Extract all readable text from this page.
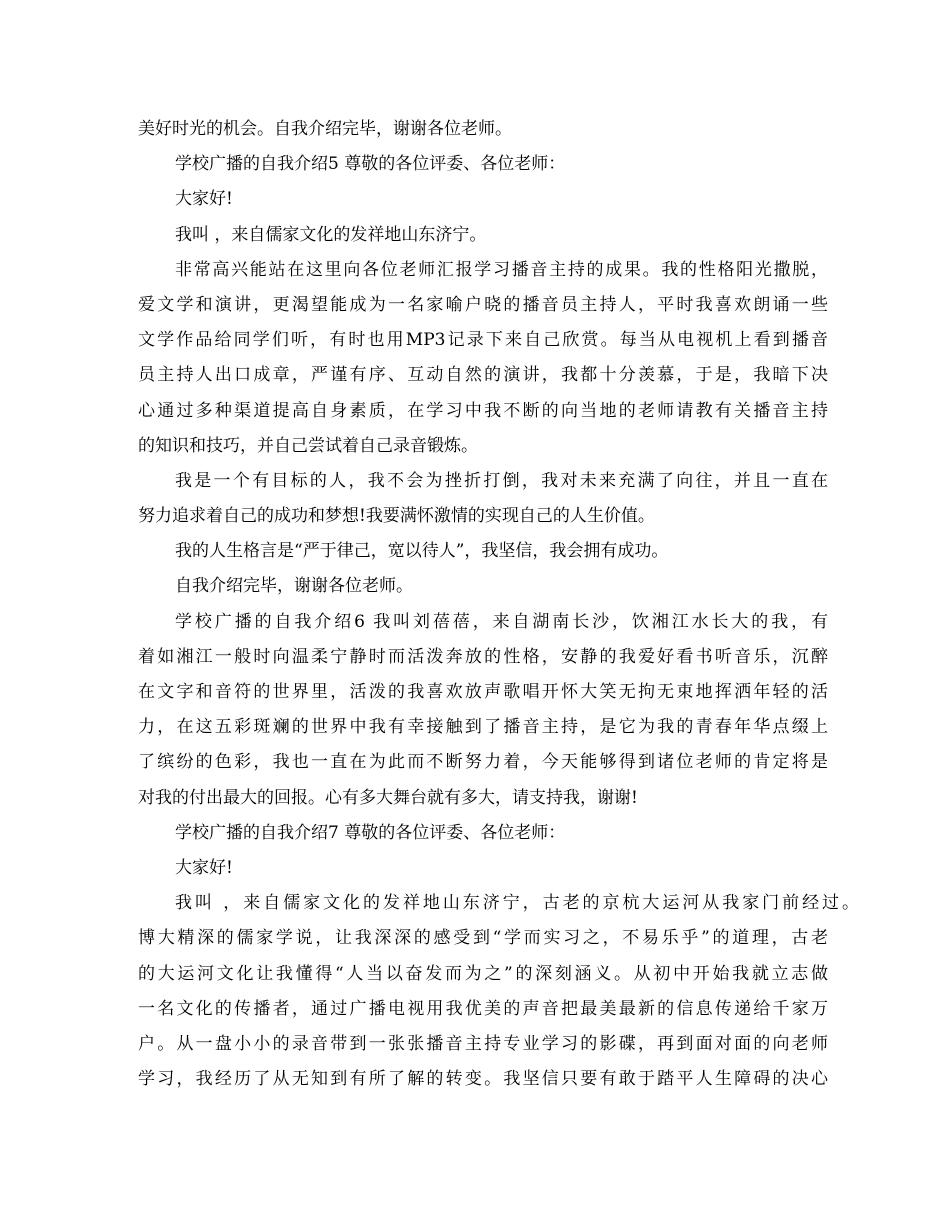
美好时光的机会。自我介绍完毕，谢谢各位老师。
学校广播的自我介绍5 尊敬的各位评委、各位老师：
大家好!
我叫 ，来自儒家文化的发祥地山东济宁。
非常高兴能站在这里向各位老师汇报学习播音主持的成果。我的性格阳光撒脱，
爱文学和演讲，更渴望能成为一名家喻户晓的播音员主持人，平时我喜欢朗诵一些
文学作品给同学们听，有时也用MP3记录下来自己欣赏。每当从电视机上看到播音
员主持人出口成章，严谨有序、互动自然的演讲，我都十分羡慕，于是，我暗下决
心通过多种渠道提高自身素质，在学习中我不断的向当地的老师请教有关播音主持
的知识和技巧，并自己尝试着自己录音锻炼。
我是一个有目标的人，我不会为挫折打倒，我对未来充满了向往，并且一直在
努力追求着自己的成功和梦想!我要满怀激情的实现自己的人生价值。
我的人生格言是“严于律己，宽以待人”，我坚信，我会拥有成功。
自我介绍完毕，谢谢各位老师。
学校广播的自我介绍6 我叫刘蓓蓓，来自湖南长沙，饮湘江水长大的我，有
着如湘江一般时向温柔宁静时而活泼奔放的性格，安静的我爱好看书听音乐，沉醉
在文字和音符的世界里，活泼的我喜欢放声歌唱开怀大笑无拘无束地挥洒年轻的活
力，在这五彩斑斓的世界中我有幸接触到了播音主持，是它为我的青春年华点缀上
了缤纷的色彩，我也一直在为此而不断努力着，今天能够得到诸位老师的肯定将是
对我的付出最大的回报。心有多大舞台就有多大，请支持我，谢谢!
学校广播的自我介绍7 尊敬的各位评委、各位老师：
大家好!
我叫 ，来自儒家文化的发祥地山东济宁，古老的京杭大运河从我家门前经过。
博大精深的儒家学说，让我深深的感受到“学而实习之，不易乐乎”的道理，古老
的大运河文化让我懂得“人当以奋发而为之”的深刻涵义。从初中开始我就立志做
一名文化的传播者，通过广播电视用我优美的声音把最美最新的信息传递给千家万
户。从一盘小小的录音带到一张张播音主持专业学习的影碟，再到面对面的向老师
学习，我经历了从无知到有所了解的转变。我坚信只要有敢于踏平人生障碍的决心
